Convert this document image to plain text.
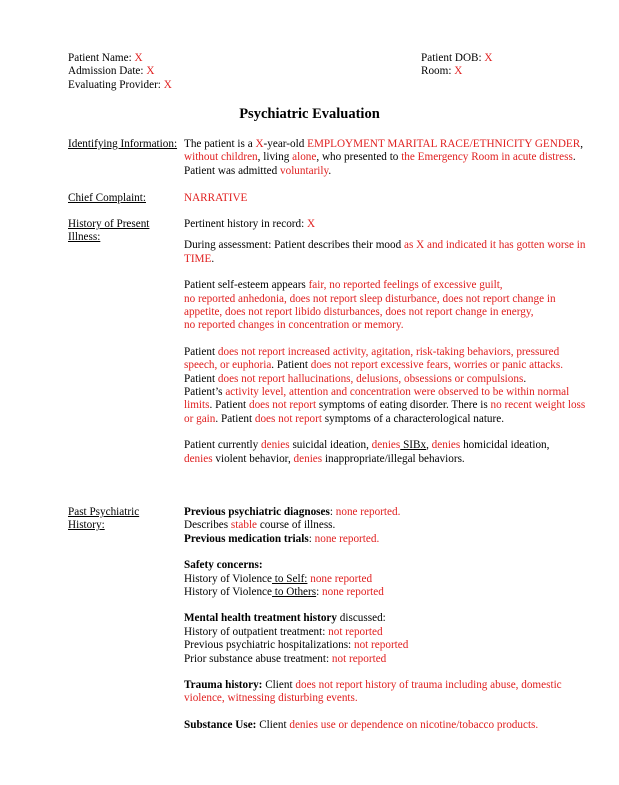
Patient Name: X
Admission Date: X
Evaluating Provider: X
Patient DOB: X
Room: X
Psychiatric Evaluation
Identifying Information: The patient is a X-year-old EMPLOYMENT MARITAL RACE/ETHNICITY GENDER, without children, living alone, who presented to the Emergency Room in acute distress. Patient was admitted voluntarily.

Chief Complaint:	NARRATIVE
History of Present Illness:

Pertinent history in record: X

During assessment: Patient describes their mood as X and indicated it has gotten worse in TIME.

Patient self-esteem appears fair, no reported feelings of excessive guilt,
no reported anhedonia, does not report sleep disturbance, does not report change in appetite, does not report libido disturbances, does not report change in energy,
no reported changes in concentration or memory.

Patient does not report increased activity, agitation, risk-taking behaviors, pressured speech, or euphoria. Patient does not report excessive fears, worries or panic attacks.
Patient does not report hallucinations, delusions, obsessions or compulsions.
Patient’s activity level, attention and concentration were observed to be within normal limits. Patient does not report symptoms of eating disorder. There is no recent weight loss or gain. Patient does not report symptoms of a characterological nature.

Patient currently denies suicidal ideation, denies SIBx, denies homicidal ideation,
denies violent behavior, denies inappropriate/illegal behaviors.

Past Psychiatric History:

Previous psychiatric diagnoses: none reported.

Describes stable course of illness.

Previous medication trials: none reported.

Safety concerns:

History of Violence to Self: none reported

History of Violence to Others: none reported

Mental health treatment history discussed:

History of outpatient treatment: not reported

Previous psychiatric hospitalizations: not reported

Prior substance abuse treatment: not reported

Trauma history: Client does not report history of trauma including abuse, domestic violence, witnessing disturbing events.

Substance Use: Client denies use or dependence on nicotine/tobacco products.
